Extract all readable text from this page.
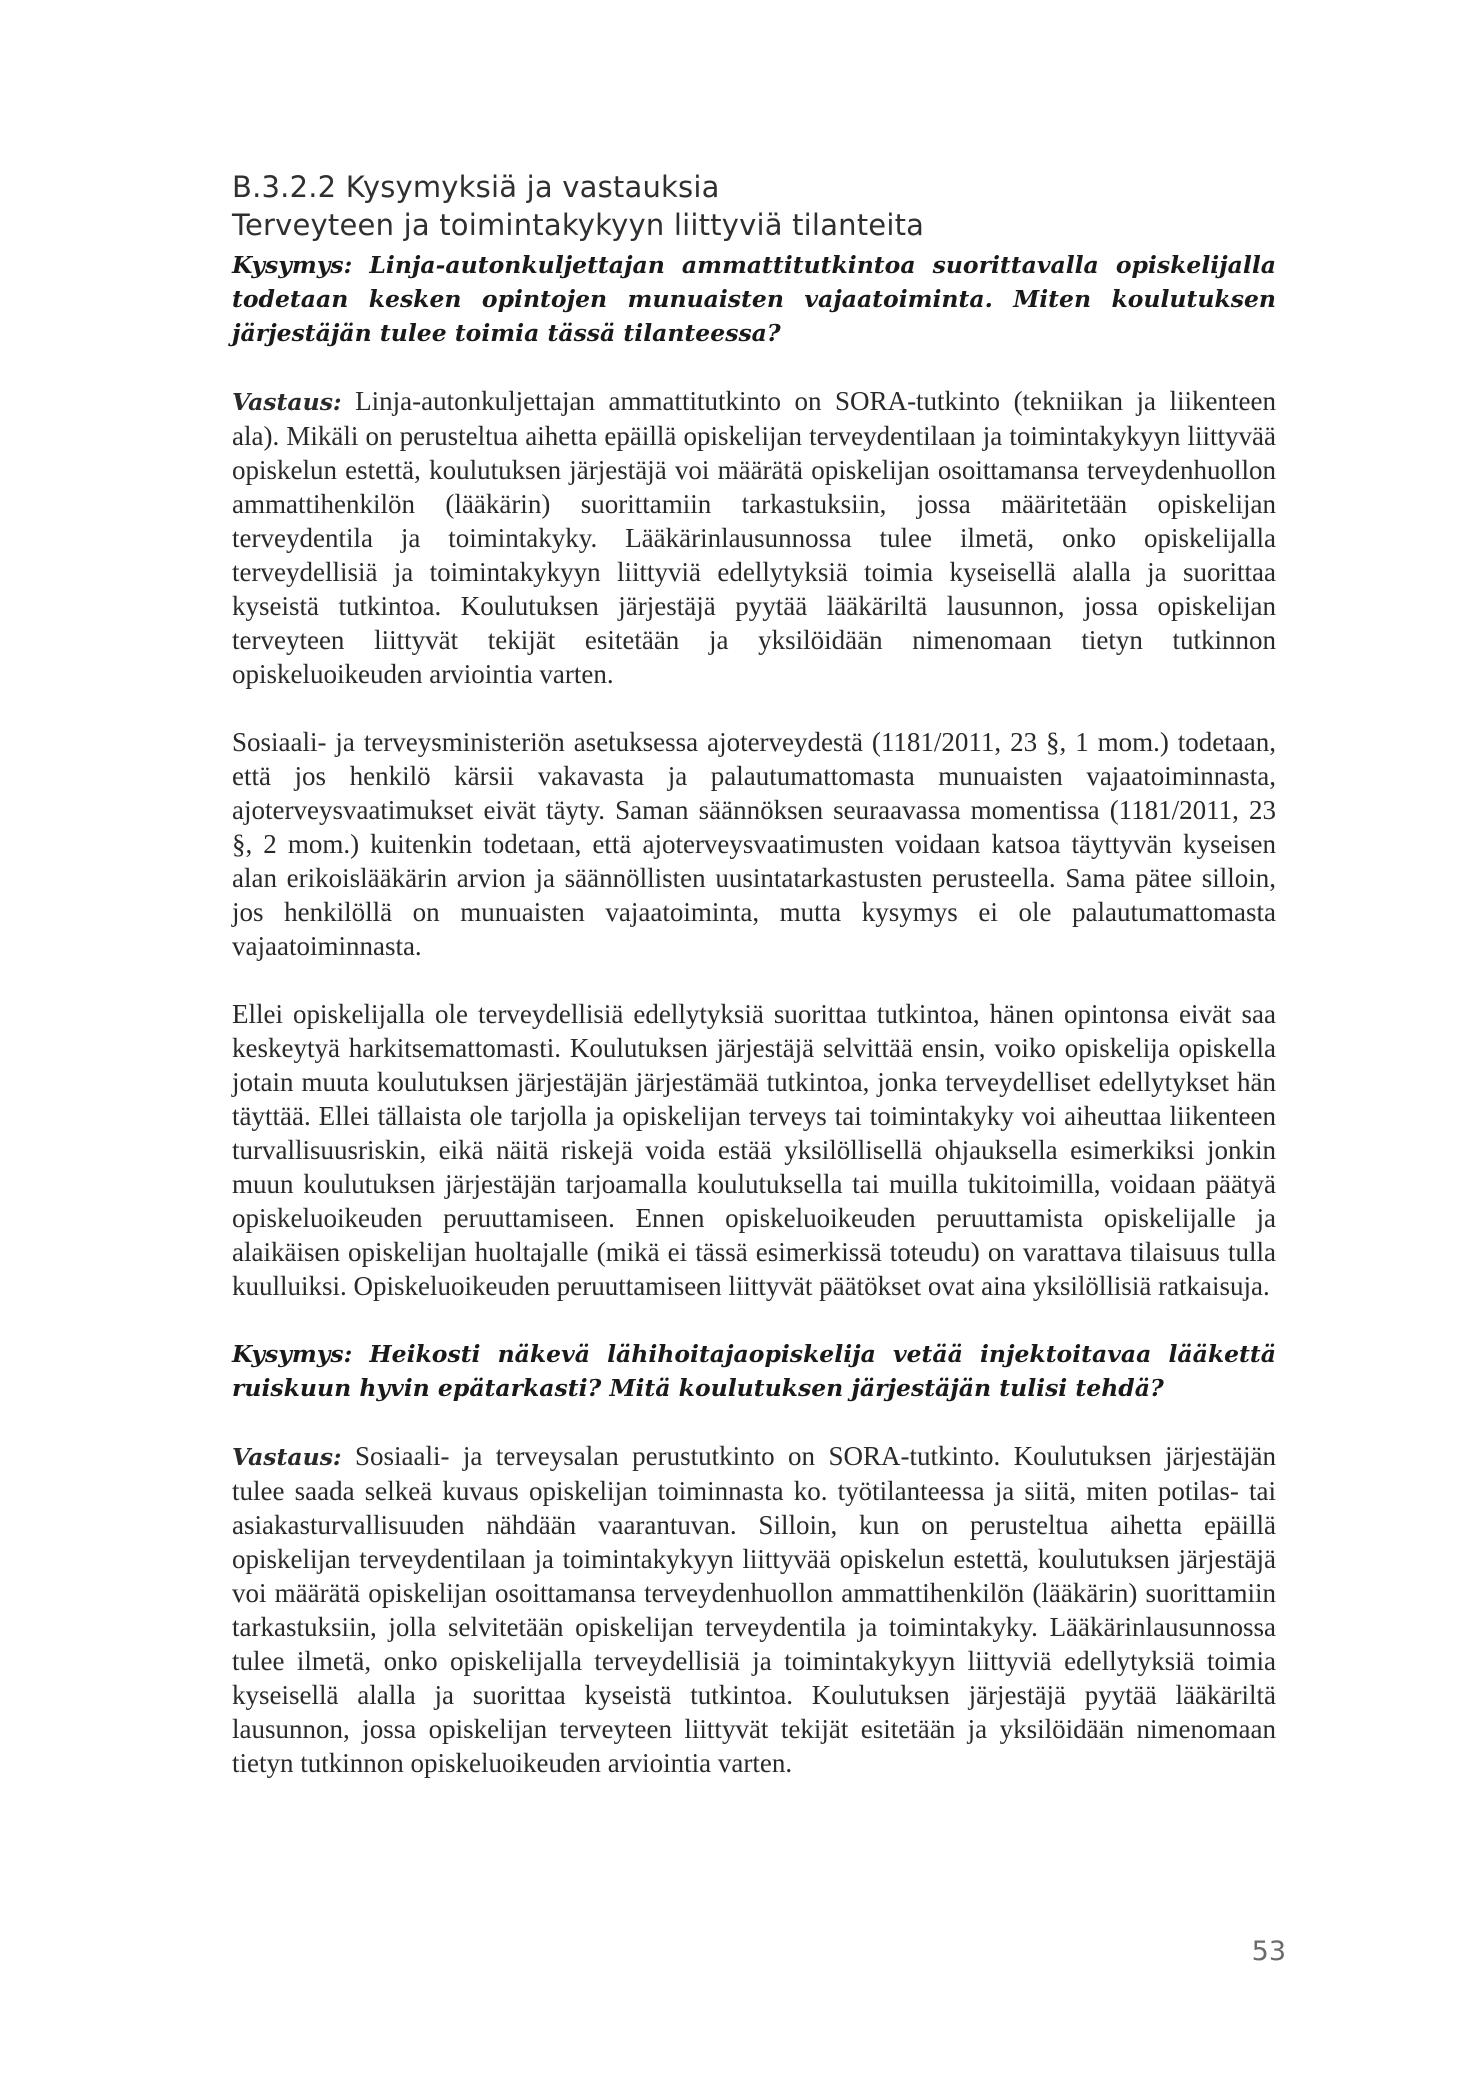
B.3.2.2 Kysymyksiä ja vastauksia
Terveyteen ja toimintakykyyn liittyviä tilanteita

Kysymys: Linja-autonkuljettajan ammattitutkintoa suorittavalla opiskelijalla todetaan kesken opintojen munuaisten vajaatoiminta. Miten koulutuksen järjestäjän tulee toimia tässä tilanteessa?

Vastaus: Linja-autonkuljettajan ammattitutkinto on SORA-tutkinto (tekniikan ja liikenteen ala). Mikäli on perusteltua aihetta epäillä opiskelijan terveydentilaan ja toimintakykyyn liittyvää opiskelun estettä, koulutuksen järjestäjä voi määrätä opiskelijan osoittamansa terveydenhuollon ammattihenkilön (lääkärin) suorittamiin tarkastuksiin, jossa määritetään opiskelijan terveydentila ja toimintakyky. Lääkärinlausunnossa tulee ilmetä, onko opiskelijalla terveydellisiä ja toimintakykyyn liittyviä edellytyksiä toimia kyseisellä alalla ja suorittaa kyseistä tutkintoa. Koulutuksen järjestäjä pyytää lääkäriltä lausunnon, jossa opiskelijan terveyteen liittyvät tekijät esitetään ja yksilöidään nimenomaan tietyn tutkinnon opiskeluoikeuden arviointia varten.

Sosiaali- ja terveysministeriön asetuksessa ajoterveydestä (1181/2011, 23 §, 1 mom.) todetaan, että jos henkilö kärsii vakavasta ja palautumattomasta munuaisten vajaatoiminnasta, ajoterveysvaatimukset eivät täyty. Saman säännöksen seuraavassa momentissa (1181/2011, 23 §, 2 mom.) kuitenkin todetaan, että ajoterveysvaatimusten voidaan katsoa täyttyvän kyseisen alan erikoislääkärin arvion ja säännöllisten uusintatarkastusten perusteella. Sama pätee silloin, jos henkilöllä on munuaisten vajaatoiminta, mutta kysymys ei ole palautumattomasta vajaatoiminnasta.

Ellei opiskelijalla ole terveydellisiä edellytyksiä suorittaa tutkintoa, hänen opintonsa eivät saa keskeytyä harkitsemattomasti. Koulutuksen järjestäjä selvittää ensin, voiko opiskelija opiskella jotain muuta koulutuksen järjestäjän järjestämää tutkintoa, jonka terveydelliset edellytykset hän täyttää. Ellei tällaista ole tarjolla ja opiskelijan terveys tai toimintakyky voi aiheuttaa liikenteen turvallisuusriskin, eikä näitä riskejä voida estää yksilöllisellä ohjauksella esimerkiksi jonkin muun koulutuksen järjestäjän tarjoamalla koulutuksella tai muilla tukitoimilla, voidaan päätyä opiskeluoikeuden peruuttamiseen. Ennen opiskeluoikeuden peruuttamista opiskelijalle ja alaikäisen opiskelijan huoltajalle (mikä ei tässä esimerkissä toteudu) on varattava tilaisuus tulla kuulluiksi. Opiskeluoikeuden peruuttamiseen liittyvät päätökset ovat aina yksilöllisiä ratkaisuja.

Kysymys: Heikosti näkevä lähihoitajaopiskelija vetää injektoitavaa lääkettä ruiskuun hyvin epätarkasti? Mitä koulutuksen järjestäjän tulisi tehdä?

Vastaus: Sosiaali- ja terveysalan perustutkinto on SORA-tutkinto. Koulutuksen järjestäjän tulee saada selkeä kuvaus opiskelijan toiminnasta ko. työtilanteessa ja siitä, miten potilas- tai asiakasturvallisuuden nähdään vaarantuvan. Silloin, kun on perusteltua aihetta epäillä opiskelijan terveydentilaan ja toimintakykyyn liittyvää opiskelun estettä, koulutuksen järjestäjä voi määrätä opiskelijan osoittamansa terveydenhuollon ammattihenkilön (lääkärin) suorittamiin tarkastuksiin, jolla selvitetään opiskelijan terveydentila ja toimintakyky. Lääkärinlausunnossa tulee ilmetä, onko opiskelijalla terveydellisiä ja toimintakykyyn liittyviä edellytyksiä toimia kyseisellä alalla ja suorittaa kyseistä tutkintoa. Koulutuksen järjestäjä pyytää lääkäriltä lausunnon, jossa opiskelijan terveyteen liittyvät tekijät esitetään ja yksilöidään nimenomaan tietyn tutkinnon opiskeluoikeuden arviointia varten.

53
